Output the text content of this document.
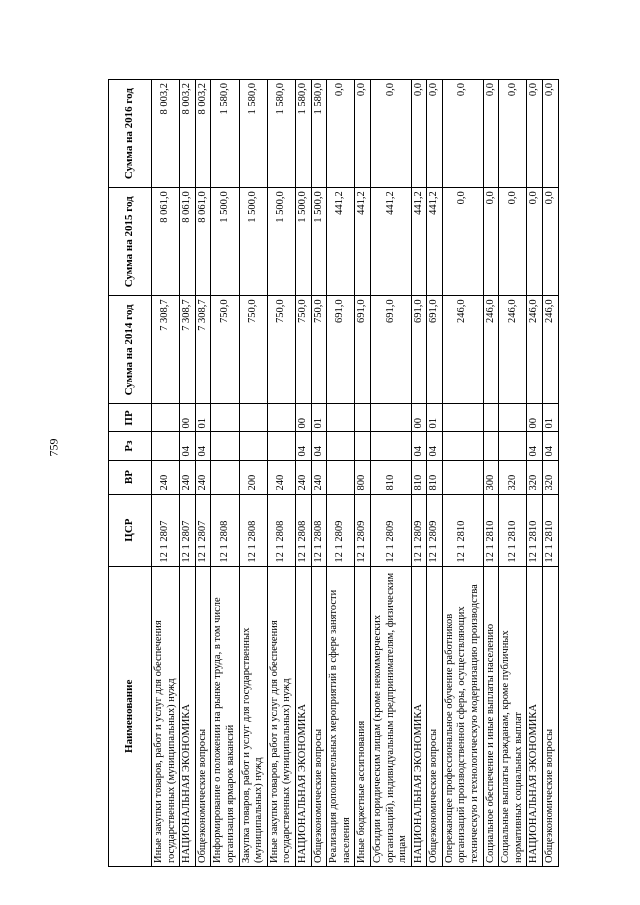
759
Наименование	ЦСР	ВР	Рз	ПР	Сумма на 2014 год	Сумма на 2015 год	Сумма на 2016 год
Иные закупки товаров, работ и услуг для обеспечения государственных (муниципальных) нужд	12 1 2807	240			7 308,7	8 061,0	8 003,2
НАЦИОНАЛЬНАЯ ЭКОНОМИКА	12 1 2807	240	04	00	7 308,7	8 061,0	8 003,2
Общеэкономические вопросы	12 1 2807	240	04	01	7 308,7	8 061,0	8 003,2
Информирование о положении на рынке труда, в том числе организация ярмарок вакансий	12 1 2808				750,0	1 500,0	1 580,0
Закупка товаров, работ и услуг для государственных (муниципальных) нужд	12 1 2808	200			750,0	1 500,0	1 580,0
Иные закупки товаров, работ и услуг для обеспечения государственных (муниципальных) нужд	12 1 2808	240			750,0	1 500,0	1 580,0
НАЦИОНАЛЬНАЯ ЭКОНОМИКА	12 1 2808	240	04	00	750,0	1 500,0	1 580,0
Общеэкономические вопросы	12 1 2808	240	04	01	750,0	1 500,0	1 580,0
Реализация дополнительных мероприятий в сфере занятости населения	12 1 2809				691,0	441,2	0,0
Иные бюджетные ассигнования	12 1 2809	800			691,0	441,2	0,0
Субсидии юридическим лицам (кроме некоммерческих организаций), индивидуальным предпринимателям, физическим лицам	12 1 2809	810			691,0	441,2	0,0
НАЦИОНАЛЬНАЯ ЭКОНОМИКА	12 1 2809	810	04	00	691,0	441,2	0,0
Общеэкономические вопросы	12 1 2809	810	04	01	691,0	441,2	0,0
Опережающее профессиональное обучение работников организаций производственной сферы, осуществляющих техническую и технологическую модернизацию производства	12 1 2810				246,0	0,0	0,0
Социальное обеспечение и иные выплаты населению	12 1 2810	300			246,0	0,0	0,0
Социальные выплаты гражданам, кроме публичных нормативных социальных выплат	12 1 2810	320			246,0	0,0	0,0
НАЦИОНАЛЬНАЯ ЭКОНОМИКА	12 1 2810	320	04	00	246,0	0,0	0,0
Общеэкономические вопросы	12 1 2810	320	04	01	246,0	0,0	0,0
